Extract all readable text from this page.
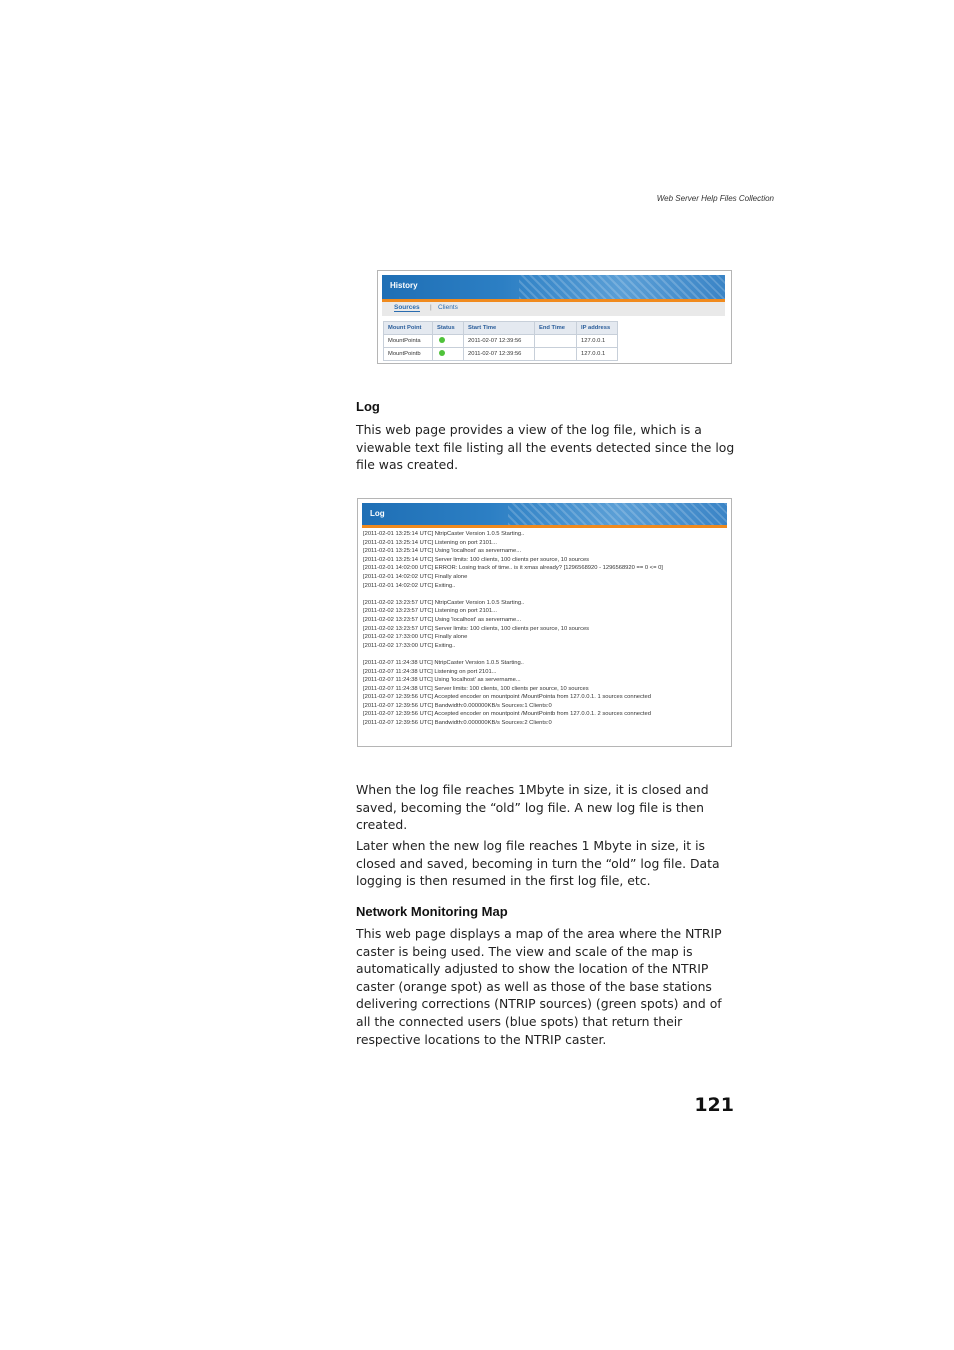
Web Server Help Files Collection
History
Sources | Clients
Mount Point	Status	Start Time	End Time	IP address
MountPointa		2011-02-07 12:39:56		127.0.0.1
MountPointb		2011-02-07 12:39:56		127.0.0.1
Log

This web page provides a view of the log file, which is a viewable text file listing all the events detected since the log file was created.

Log
[2011-02-01 13:25:14 UTC] NtripCaster Version 1.0.5 Starting..
[2011-02-01 13:25:14 UTC] Listening on port 2101...
[2011-02-01 13:25:14 UTC] Using 'localhost' as servername...
[2011-02-01 13:25:14 UTC] Server limits: 100 clients, 100 clients per source, 10 sources
[2011-02-01 14:02:00 UTC] ERROR: Losing track of time.. is it xmas already? [1296568920 - 1296568920 == 0 <= 0]
[2011-02-01 14:02:02 UTC] Finally alone
[2011-02-01 14:02:02 UTC] Exiting..
[2011-02-02 13:23:57 UTC] NtripCaster Version 1.0.5 Starting..
[2011-02-02 13:23:57 UTC] Listening on port 2101...
[2011-02-02 13:23:57 UTC] Using 'localhost' as servername...
[2011-02-02 13:23:57 UTC] Server limits: 100 clients, 100 clients per source, 10 sources
[2011-02-02 17:33:00 UTC] Finally alone
[2011-02-02 17:33:00 UTC] Exiting..
[2011-02-07 11:24:38 UTC] NtripCaster Version 1.0.5 Starting..
[2011-02-07 11:24:38 UTC] Listening on port 2101...
[2011-02-07 11:24:38 UTC] Using 'localhost' as servername...
[2011-02-07 11:24:38 UTC] Server limits: 100 clients, 100 clients per source, 10 sources
[2011-02-07 12:39:56 UTC] Accepted encoder on mountpoint /MountPointa from 127.0.0.1. 1 sources connected
[2011-02-07 12:39:56 UTC] Bandwidth:0.000000KB/s Sources:1 Clients:0
[2011-02-07 12:39:56 UTC] Accepted encoder on mountpoint /MountPointb from 127.0.0.1. 2 sources connected
[2011-02-07 12:39:56 UTC] Bandwidth:0.000000KB/s Sources:2 Clients:0

When the log file reaches 1Mbyte in size, it is closed and saved, becoming the “old” log file. A new log file is then created.

Later when the new log file reaches 1 Mbyte in size, it is closed and saved, becoming in turn the “old” log file. Data logging is then resumed in the first log file, etc.

Network Monitoring Map

This web page displays a map of the area where the NTRIP caster is being used. The view and scale of the map is automatically adjusted to show the location of the NTRIP caster (orange spot) as well as those of the base stations delivering corrections (NTRIP sources) (green spots) and of all the connected users (blue spots) that return their respective locations to the NTRIP caster.

121
